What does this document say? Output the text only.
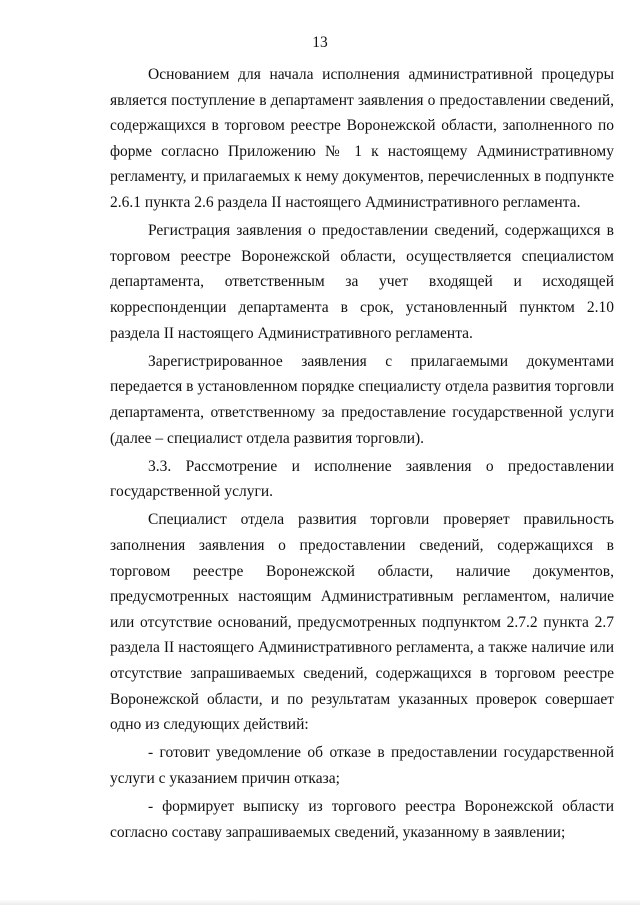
13

Основанием для начала исполнения административной процедуры является поступление в департамент заявления о предоставлении сведений, содержащихся в торговом реестре Воронежской области, заполненного по форме согласно Приложению № 1 к настоящему Административному регламенту, и прилагаемых к нему документов, перечисленных в подпункте 2.6.1 пункта 2.6 раздела II настоящего Административного регламента.

Регистрация заявления о предоставлении сведений, содержащихся в торговом реестре Воронежской области, осуществляется специалистом департамента, ответственным за учет входящей и исходящей корреспонденции департамента в срок, установленный пунктом 2.10 раздела II настоящего Административного регламента.

Зарегистрированное заявления с прилагаемыми документами передается в установленном порядке специалисту отдела развития торговли департамента, ответственному за предоставление государственной услуги (далее – специалист отдела развития торговли).

3.3. Рассмотрение и исполнение заявления о предоставлении государственной услуги.

Специалист отдела развития торговли проверяет правильность заполнения заявления о предоставлении сведений, содержащихся в торговом реестре Воронежской области, наличие документов, предусмотренных настоящим Административным регламентом, наличие или отсутствие оснований, предусмотренных подпунктом 2.7.2 пункта 2.7 раздела II настоящего Административного регламента, а также наличие или отсутствие запрашиваемых сведений, содержащихся в торговом реестре Воронежской области, и по результатам указанных проверок совершает одно из следующих действий:

- готовит уведомление об отказе в предоставлении государственной услуги с указанием причин отказа;

- формирует выписку из торгового реестра Воронежской области согласно составу запрашиваемых сведений, указанному в заявлении;
